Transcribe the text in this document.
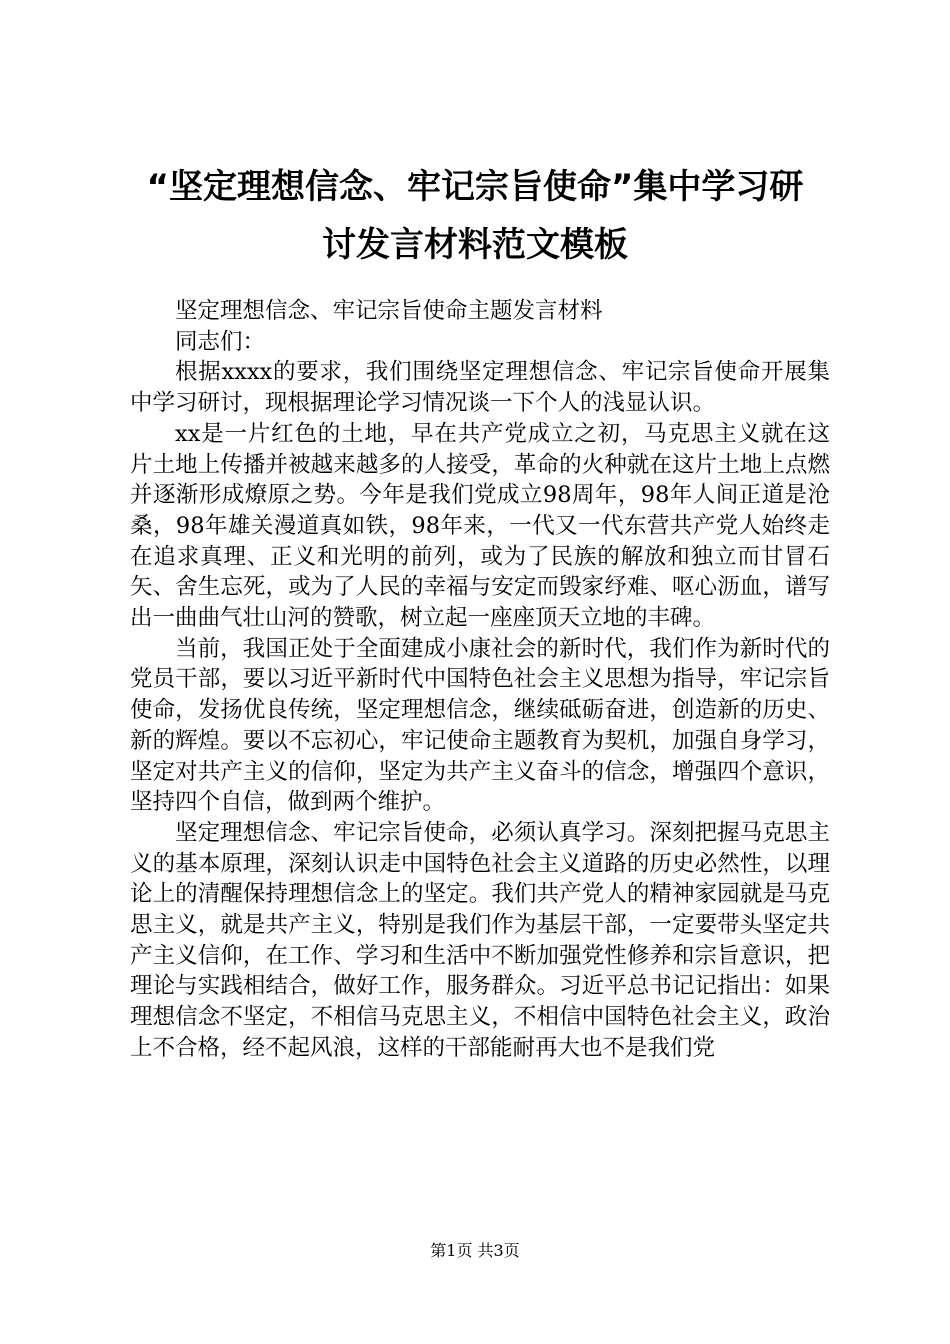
“坚定理想信念、牢记宗旨使命”集中学习研
讨发言材料范文模板

坚定理想信念、牢记宗旨使命主题发言材料

同志们：

根据xxxx的要求，我们围绕坚定理想信念、牢记宗旨使命开展集中学习研讨，现根据理论学习情况谈一下个人的浅显认识。

xx是一片红色的土地，早在共产党成立之初，马克思主义就在这片土地上传播并被越来越多的人接受，革命的火种就在这片土地上点燃并逐渐形成燎原之势。今年是我们党成立98周年，98年人间正道是沧桑，98年雄关漫道真如铁，98年来，一代又一代东营共产党人始终走在追求真理、正义和光明的前列，或为了民族的解放和独立而甘冒石矢、舍生忘死，或为了人民的幸福与安定而毁家纾难、呕心沥血，谱写出一曲曲气壮山河的赞歌，树立起一座座顶天立地的丰碑。

当前，我国正处于全面建成小康社会的新时代，我们作为新时代的党员干部，要以习近平新时代中国特色社会主义思想为指导，牢记宗旨使命，发扬优良传统，坚定理想信念，继续砥砺奋进，创造新的历史、新的辉煌。要以不忘初心，牢记使命主题教育为契机，加强自身学习，坚定对共产主义的信仰，坚定为共产主义奋斗的信念，增强四个意识，坚持四个自信，做到两个维护。

坚定理想信念、牢记宗旨使命，必须认真学习。深刻把握马克思主义的基本原理，深刻认识走中国特色社会主义道路的历史必然性，以理论上的清醒保持理想信念上的坚定。我们共产党人的精神家园就是马克思主义，就是共产主义，特别是我们作为基层干部，一定要带头坚定共产主义信仰，在工作、学习和生活中不断加强党性修养和宗旨意识，把理论与实践相结合，做好工作，服务群众。习近平总书记记指出：如果理想信念不坚定，不相信马克思主义，不相信中国特色社会主义，政治上不合格，经不起风浪，这样的干部能耐再大也不是我们党

第1页 共3页
